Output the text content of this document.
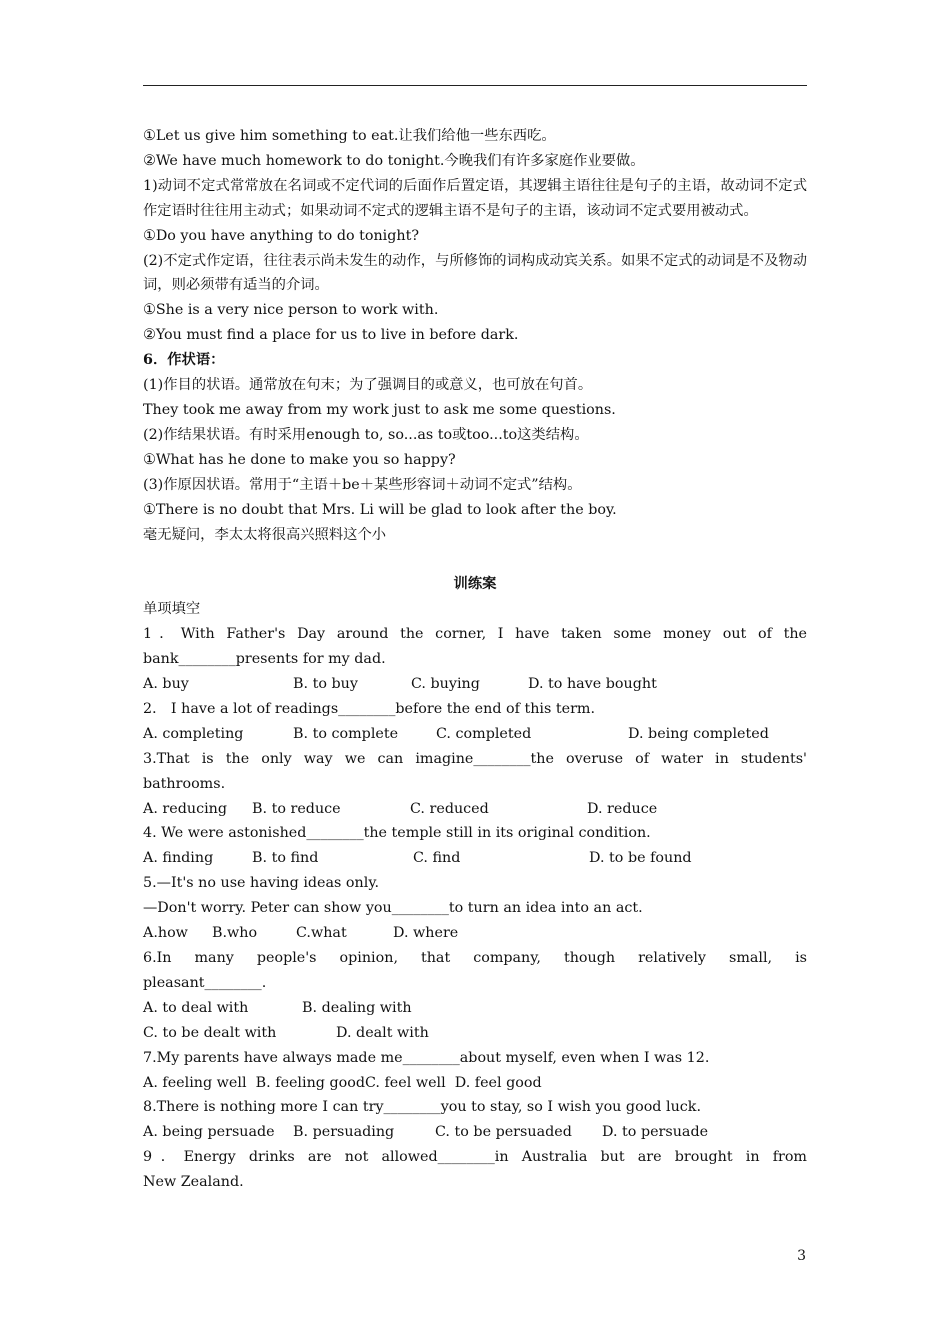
①Let us give him something to eat.让我们给他一些东西吃。

②We have much homework to do tonight.今晚我们有许多家庭作业要做。

1)动词不定式常常放在名词或不定代词的后面作后置定语，其逻辑主语往往是句子的主语，故动词不定式作定语时往往用主动式；如果动词不定式的逻辑主语不是句子的主语，该动词不定式要用被动式。

①Do you have anything to do tonight?

(2)不定式作定语，往往表示尚未发生的动作，与所修饰的词构成动宾关系。如果不定式的动词是不及物动词，则必须带有适当的介词。

①She is a very nice person to work with.

②You must find a place for us to live in before dark.

6．作状语：

(1)作目的状语。通常放在句末；为了强调目的或意义，也可放在句首。

They took me away from my work just to ask me some questions.

(2)作结果状语。有时采用enough to, so...as to或too...to这类结构。

①What has he done to make you so happy?

(3)作原因状语。常用于“主语＋be＋某些形容词＋动词不定式”结构。

①There is no doubt that Mrs. Li will be glad to look after the boy.

毫无疑问，李太太将很高兴照料这个小

训练案

单项填空

1．With Father's Day around the corner, I have taken some money out of the

bank________presents for my dad.

A. buy	B. to buy	C. buying	D. to have bought

2． I have a lot of readings________before the end of this term.

A. completing	B. to complete	C. completed	D. being completed

3.That is the only way we can imagine________the overuse of water in students'

bathrooms.

A. reducing	B. to reduce	C. reduced	D. reduce

4. We were astonished________the temple still in its original condition.

A. finding	B. to find	C. find	D. to be found

5.—It's no use having ideas only.

—Don't worry. Peter can show you________to turn an idea into an act.

A.how	B.who	C.what	D. where

6.In many people's opinion, that company, though relatively small, is

pleasant________.

A. to deal with	B. dealing with
C. to be dealt with	D. dealt with

7.My parents have always made me________about myself, even when I was 12.

A. feeling well  B. feeling goodC. feel well  D. feel good

8.There is nothing more I can try________you to stay, so I wish you good luck.

A. being persuade	B. persuading	C. to be persuaded	D. to persuade

9．Energy drinks are not allowed________in Australia but are brought in from

New Zealand.

3
